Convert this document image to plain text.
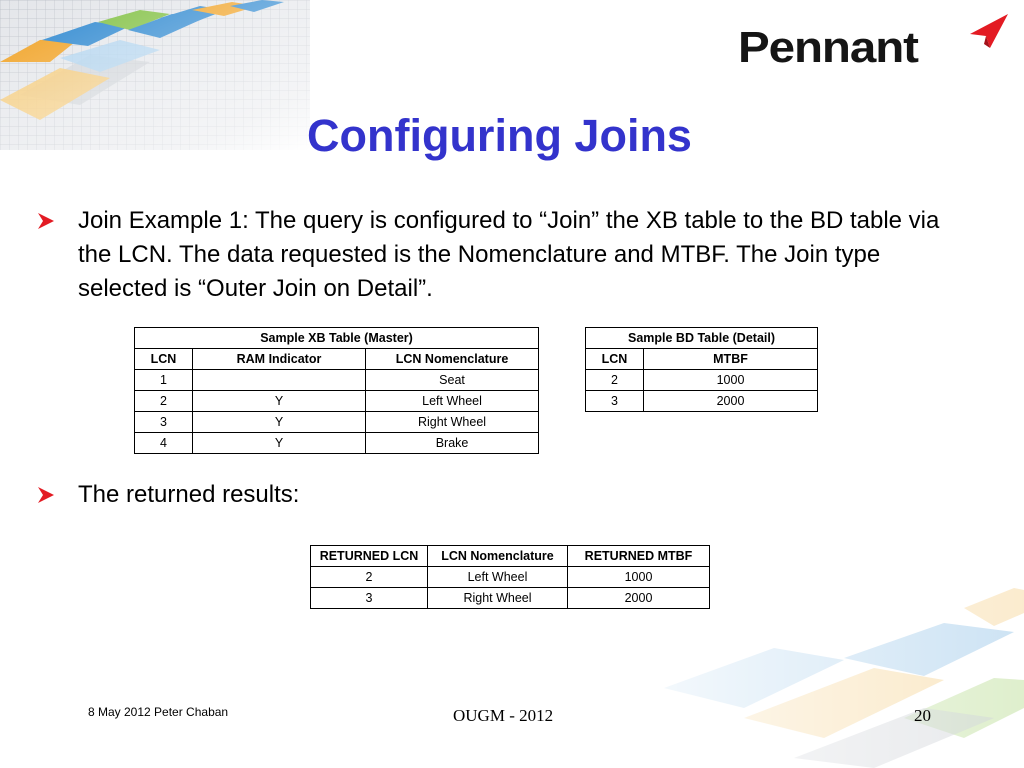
Pennant
Configuring Joins
Join Example 1: The query is configured to “Join” the XB table to the BD table via the LCN. The data requested is the Nomenclature and MTBF. The Join type selected is “Outer Join on Detail”.
Sample XB Table (Master)		
LCN	RAM Indicator	LCN Nomenclature
1		Seat
2	Y	Left Wheel
3	Y	Right Wheel
4	Y	Brake
Sample BD Table (Detail)	
LCN	MTBF
2	1000
3	2000
The returned results:
RETURNED LCN	LCN Nomenclature	RETURNED MTBF
2	Left Wheel	1000
3	Right Wheel	2000
8 May 2012 Peter Chaban	OUGM - 2012	20
